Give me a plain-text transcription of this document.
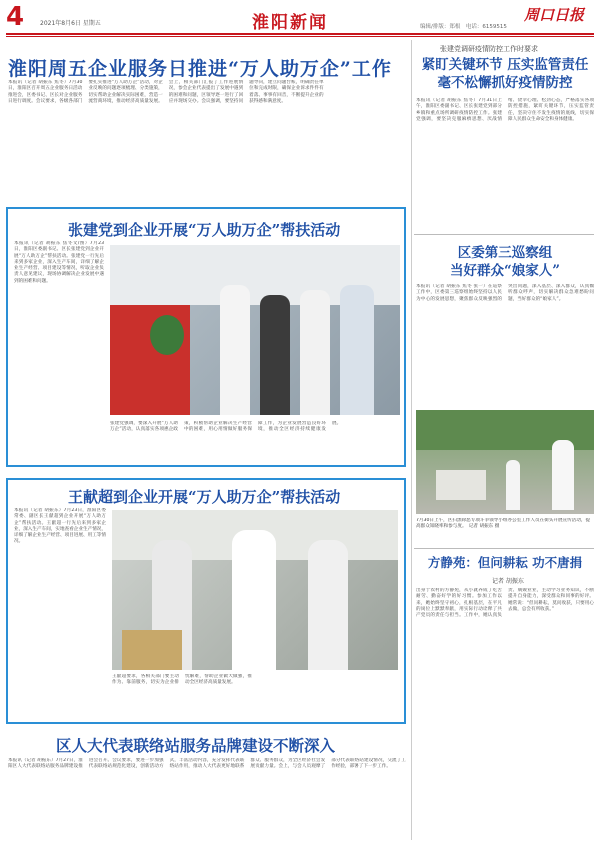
4	2021年8月6日 星期五	淮阳新闻	编辑/排版：郑根　电话：6159515
周口日报
淮阳周五企业服务日推进“万人助万企”工作
本报讯（记者 胡振东 焦冬）7月30日，淮阳区召开周五企业服务日活动推进会，区委书记、区长对企业服务日进行调度。会议要求，各级各部门要扎实推进“万人助万企”活动，对企业反映的问题逐项梳理、分类施策，切实帮助企业解决实际困难，营造一流营商环境，推动经济高质量发展。会上，相关部门汇报了工作进展情况，参会企业代表提出了发展中遇到的困难和问题，区领导逐一进行了回应并现场交办。会议强调，要坚持问题导向，建立问题台账，明确责任单位和完成时限，确保企业诉求件件有着落、事事有回音，不断提升企业的获得感和满意度。
张建党到企业开展“万人助万企”帮扶活动
本报讯（记者 胡振东 焦冬文/图）7月23日，淮阳区委副书记、区长张建党到企业开展“万人助万企”帮扶活动。张建党一行先后来到多家企业，深入生产车间，详细了解企业生产经营、项目建设等情况，听取企业负责人意见建议，现场协调解决企业发展中遇到的困难和问题。
张建党强调，要深入开展“万人助万企”活动，认真落实各项惠企政策，积极帮助企业解决生产经营中的困难，用心用情做好服务保障工作，为企业发展营造良好环境，推动全区经济持续健康发展。
王献超到企业开展“万人助万企”帮扶活动
本报讯（记者 胡振东）7月23日，淮阳区委常委、副区长王献超到企业开展“万人助万企”帮扶活动。王献超一行先后来到多家企业，深入生产车间，实地查看企业生产情况，详细了解企业生产经营、项目进展、用工等情况。
王献超要求，各相关部门要主动作为、靠前服务，切实为企业排忧解难，帮助企业做大做强，推动全区经济高质量发展。
区人大代表联络站服务品牌建设不断深入
本报讯（记者 胡振东）7月27日，淮阳区人大代表联络站服务品牌建设推进会召开。会议要求，要进一步加强代表联络站规范化建设，创新活动方式，丰富活动内容，充分发挥代表联络站作用，推动人大代表更好地联系群众、服务群众，为全区经济社会发展贡献力量。会上，与会人员观摩了部分代表联络站建设情况，交流了工作经验，部署了下一步工作。
张建党调研疫情防控工作时要求
紧盯关键环节 压实监管责任
毫不松懈抓好疫情防控
本报讯（记者 胡振东 焦冬）7月31日上午，淮阳区委副书记、区长张建党到部分乡镇和重点场所调研疫情防控工作。张建党强调，要坚决克服麻痹思想、厌战情绪、侥幸心理、松劲心态，严格落实各项防控措施，紧盯关键环节，压实监管责任，坚决守住不发生疫情的底线，切实保障人民群众生命安全和身体健康。
区委第三巡察组
当好群众“娘家人”
本报讯（记者 胡振东 焦冬 张一）在巡察工作中，区委第三巡察组始终坚持以人民为中心的发展思想，聚焦群众反映强烈的突出问题，深入基层、深入群众，认真倾听群众呼声，切实解决群众急难愁盼问题，当好群众的“娘家人”。
7月30日上午，区扫黑除恶专项斗争领导小组办公室工作人员在街头开展宣传活动，提高群众知晓率和参与度。　记者 胡振东 摄
方静苑：但问耕耘 功不唐捐
记者 胡振东
出身于农村的方静苑，从小就养成了吃苦耐劳、勤奋好学的好习惯。参加工作以来，她始终坚守初心，扎根基层，在平凡的岗位上默默奉献，用实际行动诠释了共产党员的责任与担当。工作中，她认真负责、兢兢业业，主动学习业务知识，不断提升自身能力，深受群众和同事的好评。她常说：“但问耕耘，莫问收获，只要用心去做，总会有所收获。”
